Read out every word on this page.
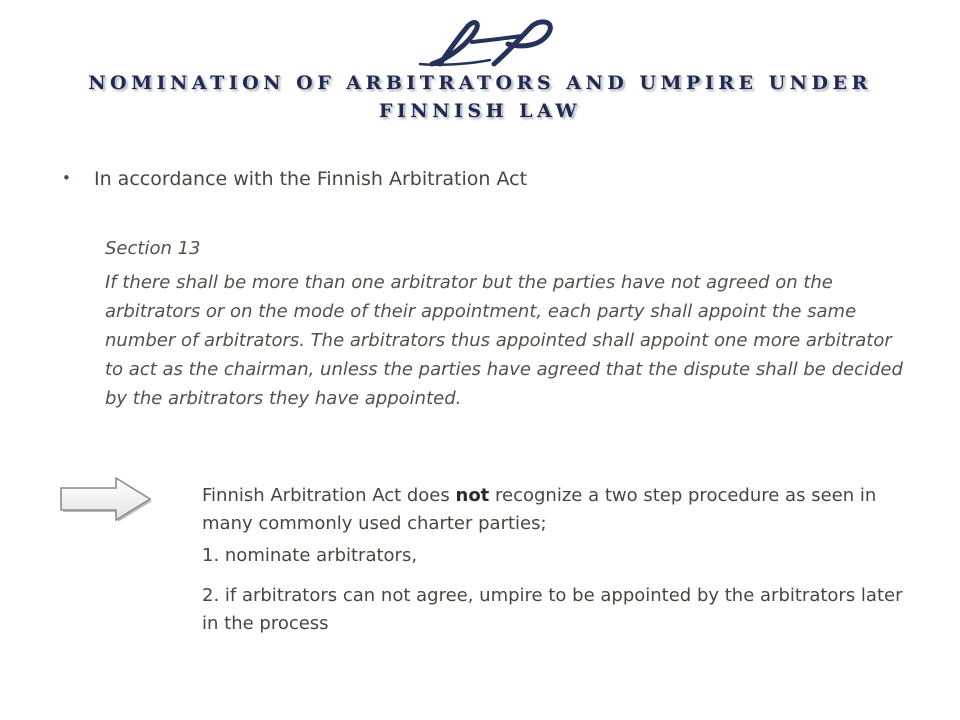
NOMINATION OF ARBITRATORS AND UMPIRE UNDER
FINNISH LAW
• In accordance with the Finnish Arbitration Act
Section 13
If there shall be more than one arbitrator but the parties have not agreed on the arbitrators or on the mode of their appointment, each party shall appoint the same number of arbitrators. The arbitrators thus appointed shall appoint one more arbitrator to act as the chairman, unless the parties have agreed that the dispute shall be decided by the arbitrators they have appointed.
Finnish Arbitration Act does not recognize a two step procedure as seen in many commonly used charter parties;
1. nominate arbitrators,
2. if arbitrators can not agree, umpire to be appointed by the arbitrators later in the process
